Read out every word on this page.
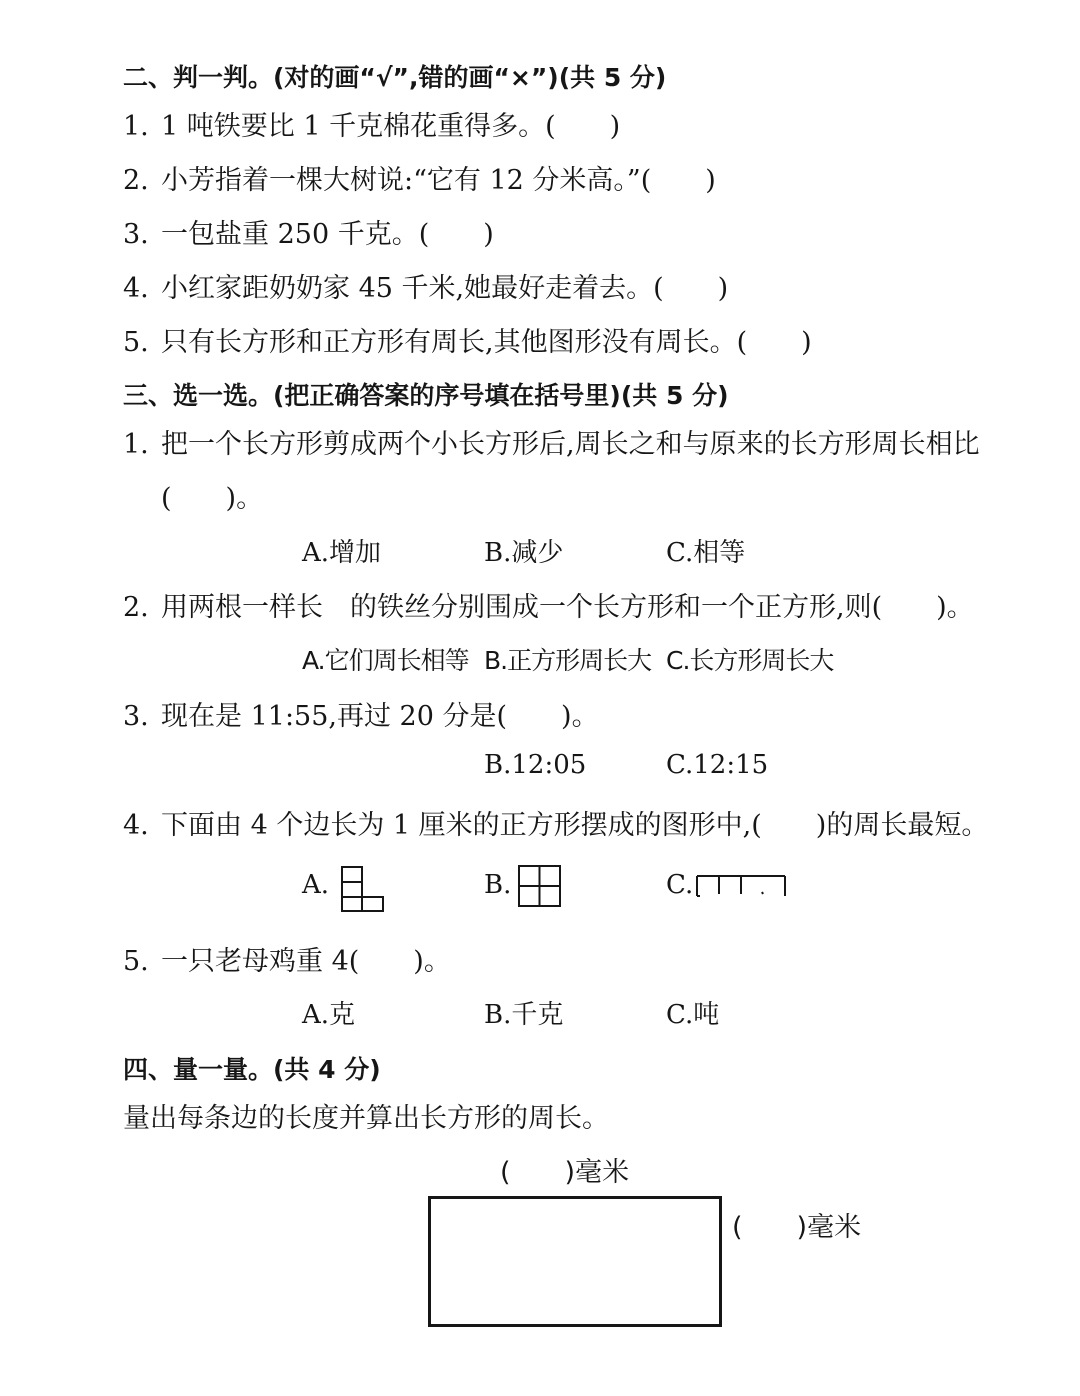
二、判一判。(对的画“√”,错的画“×”)(共 5 分)
1. 1 吨铁要比 1 千克棉花重得多。(　　)
2. 小芳指着一棵大树说:“它有 12 分米高。”(　　)
3. 一包盐重 250 千克。(　　)
4. 小红家距奶奶家 45 千米,她最好走着去。(　　)
5. 只有长方形和正方形有周长,其他图形没有周长。(　　)
三、选一选。(把正确答案的序号填在括号里)(共 5 分)
1. 把一个长方形剪成两个小长方形后,周长之和与原来的长方形周长相比
(　　)。
A.增加	B.减少	C.相等
2. 用两根一样长　的铁丝分别围成一个长方形和一个正方形,则(　　)。
A.它们周长相等 B.正方形周长大 C.长方形周长大
3. 现在是 11:55,再过 20 分是(　　)。
B.12:05	C.12:15
4. 下面由 4 个边长为 1 厘米的正方形摆成的图形中,(　　)的周长最短。
A.	B.	C.
5. 一只老母鸡重 4(　　)。
A.克	B.千克	C.吨
四、量一量。(共 4 分)
量出每条边的长度并算出长方形的周长。
(　　)毫米
(　　)毫米
